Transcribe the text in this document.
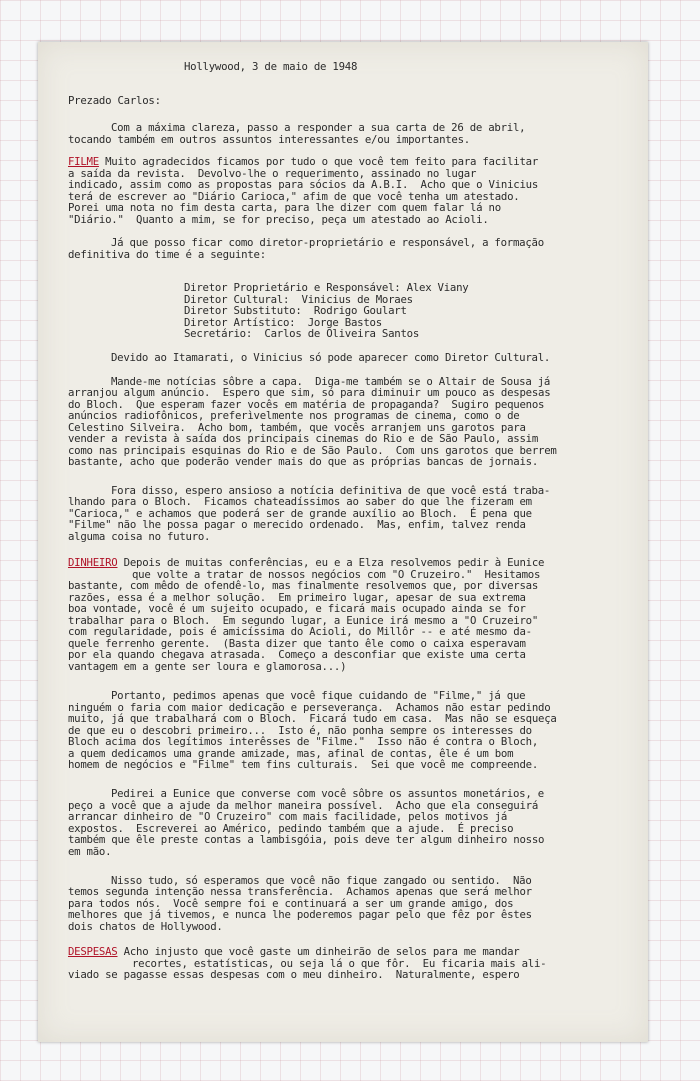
Hollywood, 3 de maio de 1948
Prezado Carlos:
Com a máxima clareza, passo a responder a sua carta de 26 de abril,
tocando também em outros assuntos interessantes e/ou importantes.
FILME Muito agradecidos ficamos por tudo o que você tem feito para facilitar
a saída da revista.  Devolvo-lhe o requerimento, assinado no lugar
indicado, assim como as propostas para sócios da A.B.I.  Acho que o Vinicius
terá de escrever ao "Diário Carioca," afim de que você tenha um atestado.
Porei uma nota no fim desta carta, para lhe dizer com quem falar lá no
"Diário."  Quanto a mim, se for preciso, peça um atestado ao Acioli.
Já que posso ficar como diretor-proprietário e responsável, a formação
definitiva do time é a seguinte:
Diretor Proprietário e Responsável: Alex Viany
Diretor Cultural:  Vinicius de Moraes
Diretor Substituto:  Rodrigo Goulart
Diretor Artístico:  Jorge Bastos
Secretário:  Carlos de Oliveira Santos
Devido ao Itamarati, o Vinicius só pode aparecer como Diretor Cultural.
Mande-me notícias sôbre a capa.  Diga-me também se o Altair de Sousa já
arranjou algum anúncio.  Espero que sim, só para diminuir um pouco as despesas
do Bloch.  Que esperam fazer vocês em matéria de propaganda?  Sugiro pequenos
anúncios radiofônicos, preferìvelmente nos programas de cinema, como o de
Celestino Silveira.  Acho bom, também, que vocês arranjem uns garotos para
vender a revista à saída dos principais cinemas do Rio e de São Paulo, assim
como nas principais esquinas do Rio e de São Paulo.  Com uns garotos que berrem
bastante, acho que poderão vender mais do que as próprias bancas de jornais.
Fora disso, espero ansioso a notícia definitiva de que você está traba-
lhando para o Bloch.  Ficamos chateadíssimos ao saber do que lhe fizeram em
"Carioca," e achamos que poderá ser de grande auxílio ao Bloch.  É pena que
"Filme" não lhe possa pagar o merecido ordenado.  Mas, enfim, talvez renda
alguma coisa no futuro.
DINHEIRO Depois de muitas conferências, eu e a Elza resolvemos pedir à Eunice
que volte a tratar de nossos negócios com "O Cruzeiro."  Hesitamos
bastante, com mêdo de ofendê-lo, mas finalmente resolvemos que, por diversas
razões, essa é a melhor solução.  Em primeiro lugar, apesar de sua extrema
boa vontade, você é um sujeito ocupado, e ficará mais ocupado ainda se for
trabalhar para o Bloch.  Em segundo lugar, a Eunice irá mesmo a "O Cruzeiro"
com regularidade, pois é amicíssima do Acioli, do Millôr -- e até mesmo da-
quele ferrenho gerente.  (Basta dizer que tanto êle como o caixa esperavam
por ela quando chegava atrasada.  Começo a desconfiar que existe uma certa
vantagem em a gente ser loura e glamorosa...)
Portanto, pedimos apenas que você fique cuidando de "Filme," já que
ninguém o faria com maior dedicação e perseverança.  Achamos não estar pedindo
muito, já que trabalhará com o Bloch.  Ficará tudo em casa.  Mas não se esqueça
de que eu o descobri primeiro...  Isto é, não ponha sempre os interesses do
Bloch acima dos legítimos interêsses de "Filme."  Isso não é contra o Bloch,
a quem dedicamos uma grande amizade, mas, afinal de contas, êle é um bom
homem de negócios e "Filme" tem fins culturais.  Sei que você me compreende.
Pedirei a Eunice que converse com você sôbre os assuntos monetários, e
peço a você que a ajude da melhor maneira possível.  Acho que ela conseguirá
arrancar dinheiro de "O Cruzeiro" com mais facilidade, pelos motivos já
expostos.  Escreverei ao Américo, pedindo também que a ajude.  É preciso
também que êle preste contas a lambisgóia, pois deve ter algum dinheiro nosso
em mão.
Nisso tudo, só esperamos que você não fique zangado ou sentido.  Não
temos segunda intenção nessa transferência.  Achamos apenas que será melhor
para todos nós.  Você sempre foi e continuará a ser um grande amigo, dos
melhores que já tivemos, e nunca lhe poderemos pagar pelo que fêz por êstes
dois chatos de Hollywood.
DESPESAS Acho injusto que você gaste um dinheirão de selos para me mandar
recortes, estatísticas, ou seja lá o que fôr.  Eu ficaria mais ali-
viado se pagasse essas despesas com o meu dinheiro.  Naturalmente, espero
